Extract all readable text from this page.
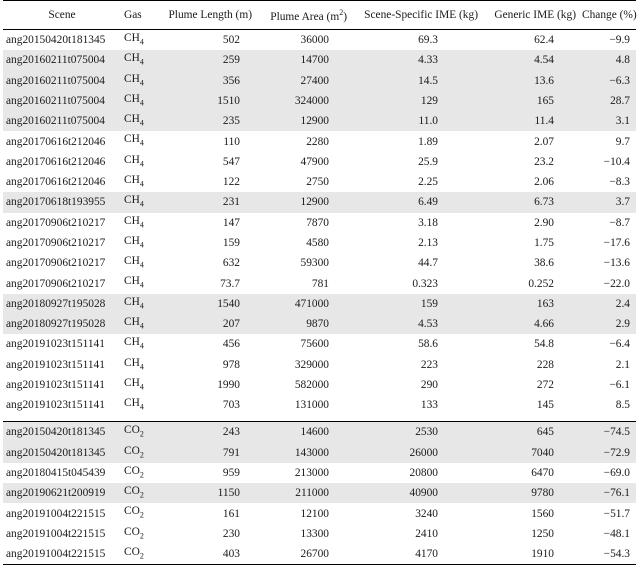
Scene	Gas	Plume Length (m)	Plume Area $(m^2)$	Scene-Specific IME (kg)	Generic IME (kg)	Change (%)
ang20150420t181345	$CH_4$	502	36000	69.3	62.4	−9.9
ang20160211t075004	$CH_4$	259	14700	4.33	4.54	4.8
ang20160211t075004	$CH_4$	356	27400	14.5	13.6	−6.3
ang20160211t075004	$CH_4$	1510	324000	129	165	28.7
ang20160211t075004	$CH_4$	235	12900	11.0	11.4	3.1
ang20170616t212046	$CH_4$	110	2280	1.89	2.07	9.7
ang20170616t212046	$CH_4$	547	47900	25.9	23.2	−10.4
ang20170616t212046	$CH_4$	122	2750	2.25	2.06	−8.3
ang20170618t193955	$CH_4$	231	12900	6.49	6.73	3.7
ang20170906t210217	$CH_4$	147	7870	3.18	2.90	−8.7
ang20170906t210217	$CH_4$	159	4580	2.13	1.75	−17.6
ang20170906t210217	$CH_4$	632	59300	44.7	38.6	−13.6
ang20170906t210217	$CH_4$	73.7	781	0.323	0.252	−22.0
ang20180927t195028	$CH_4$	1540	471000	159	163	2.4
ang20180927t195028	$CH_4$	207	9870	4.53	4.66	2.9
ang20191023t151141	$CH_4$	456	75600	58.6	54.8	−6.4
ang20191023t151141	$CH_4$	978	329000	223	228	2.1
ang20191023t151141	$CH_4$	1990	582000	290	272	−6.1
ang20191023t151141	$CH_4$	703	131000	133	145	8.5

ang20150420t181345	$CO_2$	243	14600	2530	645	−74.5
ang20150420t181345	$CO_2$	791	143000	26000	7040	−72.9
ang20180415t045439	$CO_2$	959	213000	20800	6470	−69.0
ang20190621t200919	$CO_2$	1150	211000	40900	9780	−76.1
ang20191004t221515	$CO_2$	161	12100	3240	1560	−51.7
ang20191004t221515	$CO_2$	230	13300	2410	1250	−48.1
ang20191004t221515	$CO_2$	403	26700	4170	1910	−54.3
